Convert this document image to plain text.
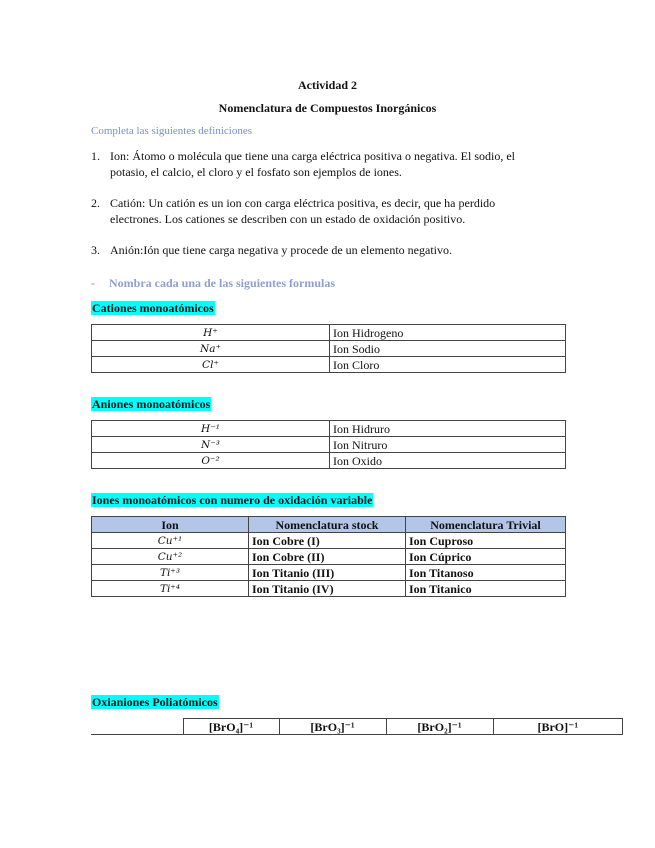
Actividad 2
Nomenclatura de Compuestos Inorgánicos
Completa las siguientes definiciones
1. Ion: Átomo o molécula que tiene una carga eléctrica positiva o negativa. El sodio, el
potasio, el calcio, el cloro y el fosfato son ejemplos de iones.
2. Catión: Un catión es un ion con carga eléctrica positiva, es decir, que ha perdido
electrones. Los cationes se describen con un estado de oxidación positivo.
3. Anión:Ión que tiene carga negativa y procede de un elemento negativo.
- Nombra cada una de las siguientes formulas
Cationes monoatómicos
H⁺	Ion Hidrogeno
Na⁺	Ion Sodio
Cl⁺	Ion Cloro
Aniones monoatómicos
H⁻¹	Ion Hidruro
N⁻³	Ion Nitruro
O⁻²	Ion Oxido
Iones monoatómicos con numero de oxidación variable
Ion	Nomenclatura stock	Nomenclatura Trivial
Cu⁺¹	Ion Cobre (I)	Ion Cuproso
Cu⁺²	Ion Cobre (II)	Ion Cúprico
Ti⁺³	Ion Titanio (III)	Ion Titanoso
Ti⁺⁴	Ion Titanio (IV)	Ion Titanico
Oxianiones Poliatómicos
	[BrO₄]⁻¹	[BrO₃]⁻¹	[BrO₂]⁻¹	[BrO]⁻¹
